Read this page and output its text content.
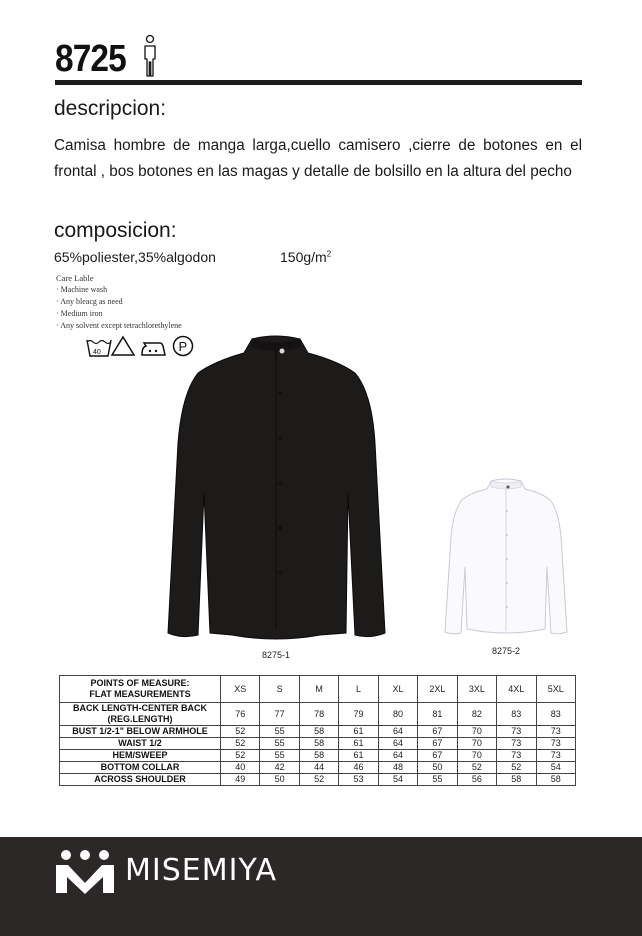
8725
descripcion:
Camisa hombre de manga larga,cuello camisero ,cierre de botones en el frontal , bos botones en las magas y detalle de bolsillo en la altura del pecho
composicion:
65%poliester,35%algodon	$150g/m^2$
Care Lable
· Machine wash
· Any bleacg as need
· Medium iron
· Any solvent except tetrachlorethylene
40	P
8275-1	8275-2
POINTS OF MEASURE:
FLAT MEASUREMENTS	XS	S	M	L	XL	2XL	3XL	4XL	5XL

BACK LENGTH-CENTER BACK
(REG.LENGTH)	76	77	78	79	80	81	82	83	83
BUST 1/2-1" BELOW ARMHOLE	52	55	58	61	64	67	70	73	73
WAIST 1/2	52	55	58	61	64	67	70	73	73
HEM/SWEEP	52	55	58	61	64	67	70	73	73
BOTTOM COLLAR	40	42	44	46	48	50	52	52	54
ACROSS SHOULDER	49	50	52	53	54	55	56	58	58
MISEMIYA
